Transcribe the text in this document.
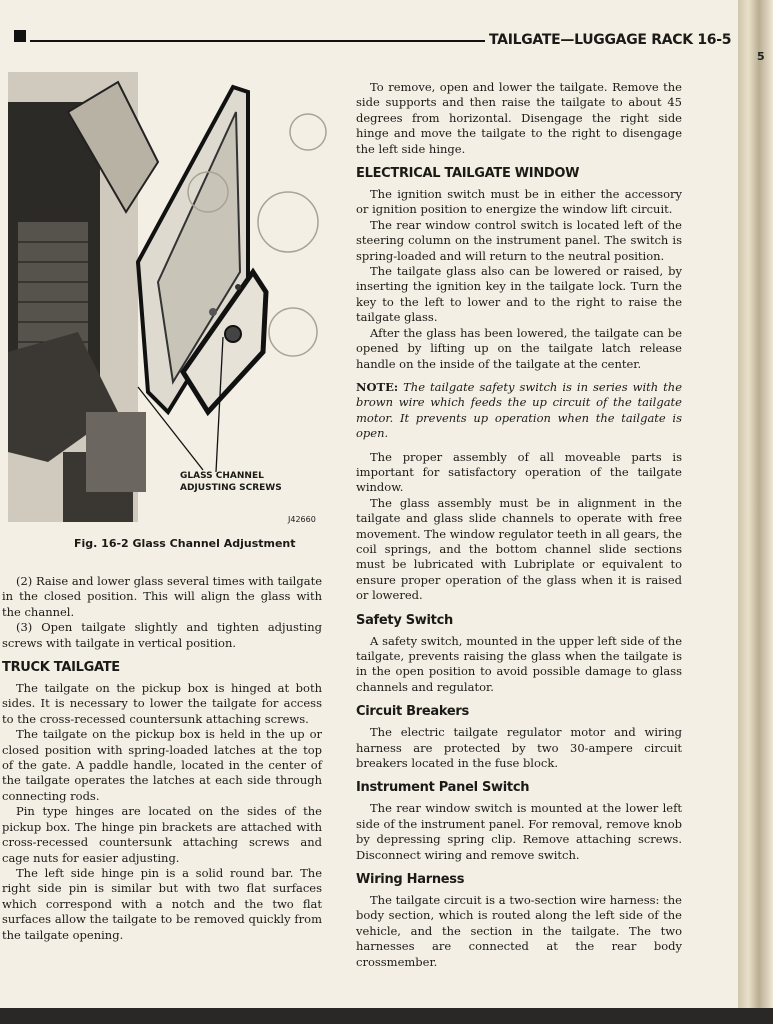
5
TAILGATE—LUGGAGE RACK 16-5
GLASS CHANNEL
ADJUSTING SCREWS
J42660
Fig. 16-2 Glass Channel Adjustment

(2) Raise and lower glass several times with tailgate in the closed position. This will align the glass with the channel.

(3) Open tailgate slightly and tighten adjusting screws with tailgate in vertical position.

TRUCK TAILGATE

The tailgate on the pickup box is hinged at both sides. It is necessary to lower the tailgate for access to the cross-recessed countersunk attaching screws.

The tailgate on the pickup box is held in the up or closed position with spring-loaded latches at the top of the gate. A paddle handle, located in the center of the tailgate operates the latches at each side through connecting rods.

Pin type hinges are located on the sides of the pickup box. The hinge pin brackets are attached with cross-recessed countersunk attaching screws and cage nuts for easier adjusting.

The left side hinge pin is a solid round bar. The right side pin is similar but with two flat surfaces which correspond with a notch and the two flat surfaces allow the tailgate to be removed quickly from the tailgate opening.

To remove, open and lower the tailgate. Remove the side supports and then raise the tailgate to about 45 degrees from horizontal. Disengage the right side hinge and move the tailgate to the right to disengage the left side hinge.

ELECTRICAL TAILGATE WINDOW

The ignition switch must be in either the accessory or ignition position to energize the window lift circuit.

The rear window control switch is located left of the steering column on the instrument panel. The switch is spring-loaded and will return to the neutral position.

The tailgate glass also can be lowered or raised, by inserting the ignition key in the tailgate lock. Turn the key to the left to lower and to the right to raise the tailgate glass.

After the glass has been lowered, the tailgate can be opened by lifting up on the tailgate latch release handle on the inside of the tailgate at the center.

NOTE: The tailgate safety switch is in series with the brown wire which feeds the up circuit of the tailgate motor. It prevents up operation when the tailgate is open.

The proper assembly of all moveable parts is important for satisfactory operation of the tailgate window.

The glass assembly must be in alignment in the tailgate and glass slide channels to operate with free movement. The window regulator teeth in all gears, the coil springs, and the bottom channel slide sections must be lubricated with Lubriplate or equivalent to ensure proper operation of the glass when it is raised or lowered.

Safety Switch

A safety switch, mounted in the upper left side of the tailgate, prevents raising the glass when the tailgate is in the open position to avoid possible damage to glass channels and regulator.

Circuit Breakers

The electric tailgate regulator motor and wiring harness are protected by two 30-ampere circuit breakers located in the fuse block.

Instrument Panel Switch

The rear window switch is mounted at the lower left side of the instrument panel. For removal, remove knob by depressing spring clip. Remove attaching screws. Disconnect wiring and remove switch.

Wiring Harness

The tailgate circuit is a two-section wire harness: the body section, which is routed along the left side of the vehicle, and the section in the tailgate. The two harnesses are connected at the rear body crossmember.
